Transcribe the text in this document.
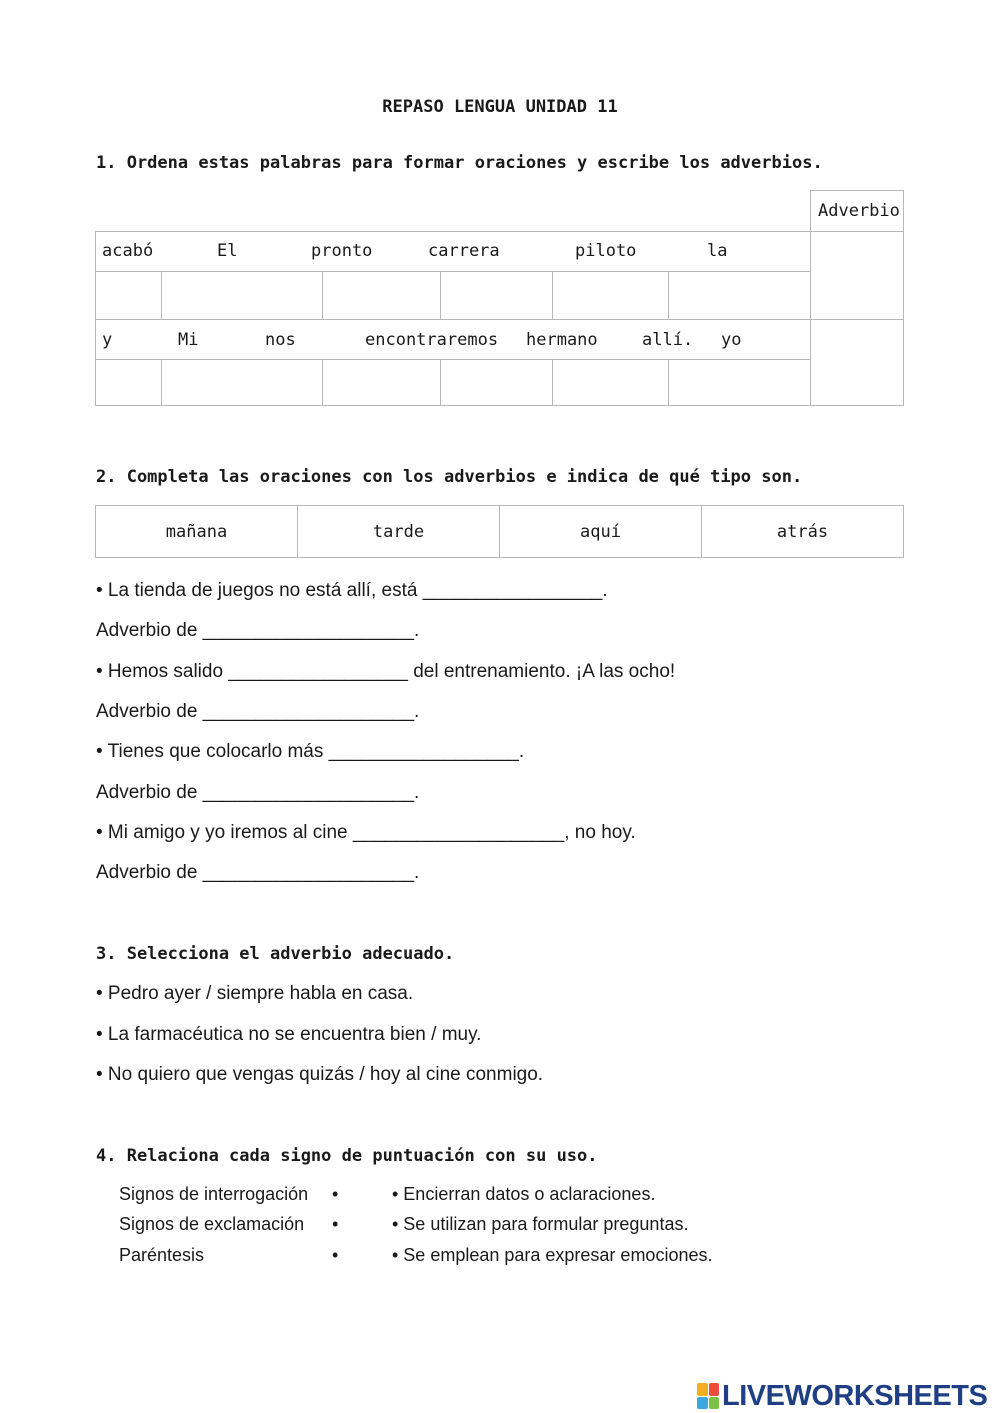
REPASO LENGUA UNIDAD 11
1. Ordena estas palabras para formar oraciones y escribe los adverbios.
Adverbio
acabó	El	pronto	carrera	piloto	la
y	Mi	nos	encontraremos hermano	allí. yo
2. Completa las oraciones con los adverbios e indica de qué tipo son.
mañana	tarde	aquí	atrás
• La tienda de juegos no está allí, está _________________.
Adverbio de ____________________.
• Hemos salido _________________ del entrenamiento. ¡A las ocho!
Adverbio de ____________________.
• Tienes que colocarlo más __________________.
Adverbio de ____________________.
• Mi amigo y yo iremos al cine ____________________, no hoy.
Adverbio de ____________________.
3. Selecciona el adverbio adecuado.
• Pedro ayer / siempre habla en casa.
• La farmacéutica no se encuentra bien / muy.
• No quiero que vengas quizás / hoy al cine conmigo.
4. Relaciona cada signo de puntuación con su uso.
Signos de interrogación •	• Encierran datos o aclaraciones.
Signos de exclamación •	• Se utilizan para formular preguntas.
Paréntesis	•	• Se emplean para expresar emociones.
LIVEWORKSHEETS
